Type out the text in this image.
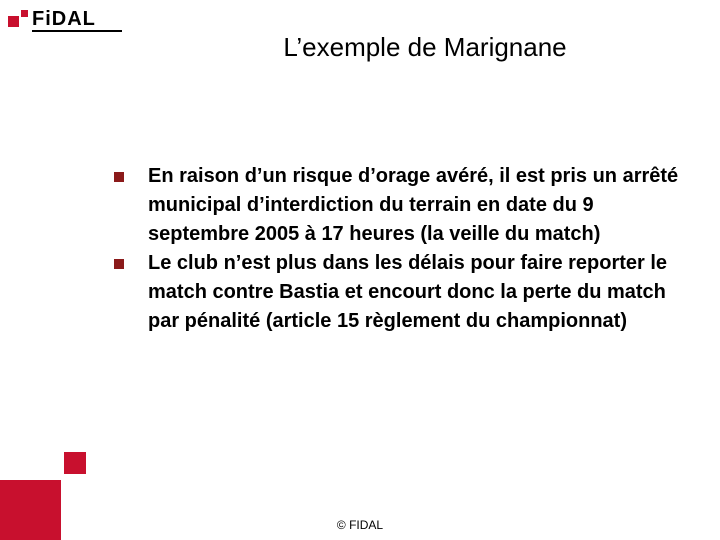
FiDAL
L’exemple de Marignane
En raison d’un risque d’orage avéré, il est pris un arrêté municipal d’interdiction du terrain en date du 9 septembre 2005 à 17 heures (la veille du match)
Le club n’est plus dans les délais pour faire reporter le match contre Bastia et encourt donc la perte du match par pénalité (article 15 règlement du championnat)
© FIDAL
